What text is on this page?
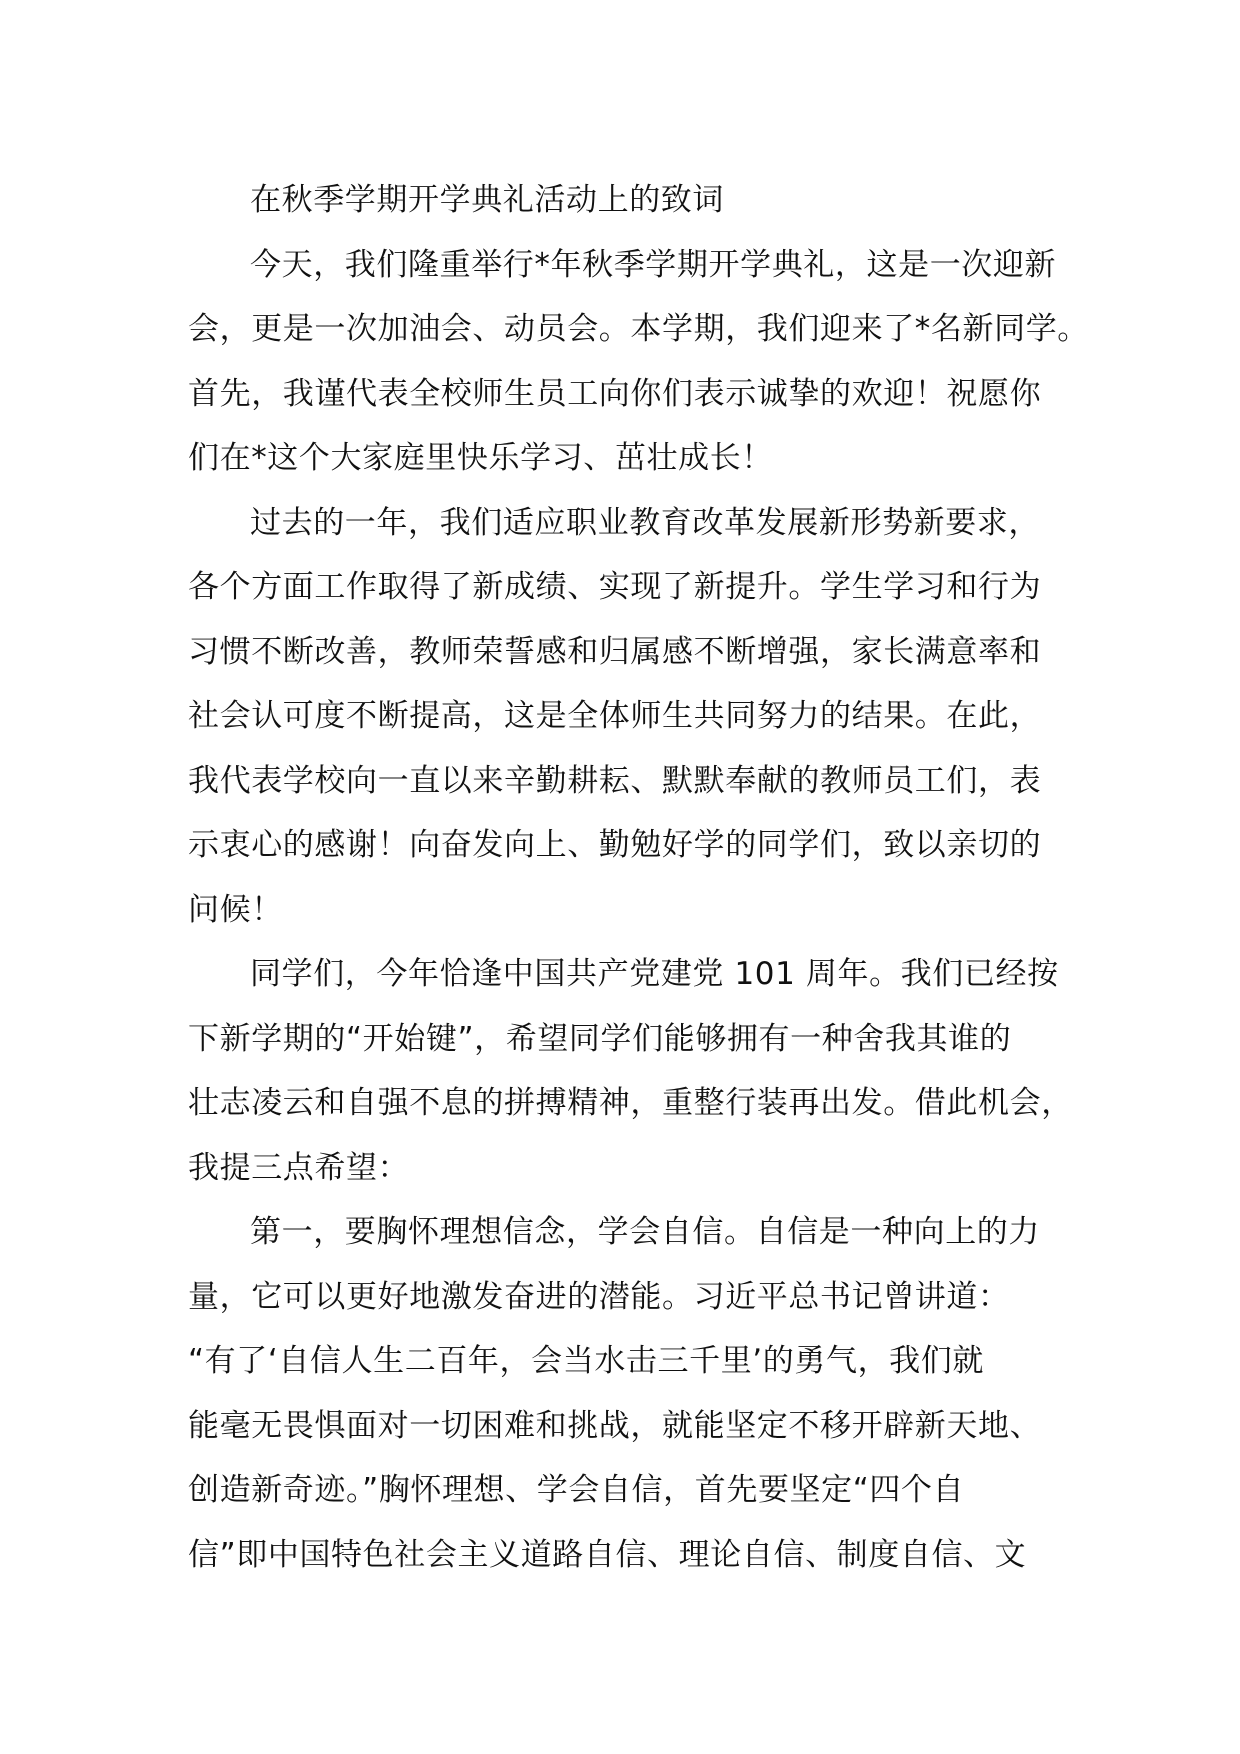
在秋季学期开学典礼活动上的致词
今天，我们隆重举行*年秋季学期开学典礼，这是一次迎新
会，更是一次加油会、动员会。本学期，我们迎来了*名新同学。
首先，我谨代表全校师生员工向你们表示诚挚的欢迎！祝愿你
们在*这个大家庭里快乐学习、茁壮成长！
过去的一年，我们适应职业教育改革发展新形势新要求，
各个方面工作取得了新成绩、实现了新提升。学生学习和行为
习惯不断改善，教师荣誓感和归属感不断增强，家长满意率和
社会认可度不断提高，这是全体师生共同努力的结果。在此，
我代表学校向一直以来辛勤耕耘、默默奉献的教师员工们，表
示衷心的感谢！向奋发向上、勤勉好学的同学们，致以亲切的
问候！
同学们，今年恰逢中国共产党建党 101 周年。我们已经按
下新学期的“开始键”，希望同学们能够拥有一种舍我其谁的
壮志凌云和自强不息的拼搏精神，重整行装再出发。借此机会，
我提三点希望：
第一，要胸怀理想信念，学会自信。自信是一种向上的力
量，它可以更好地激发奋进的潜能。习近平总书记曾讲道：
“有了‘自信人生二百年，会当水击三千里’的勇气，我们就
能毫无畏惧面对一切困难和挑战，就能坚定不移开辟新天地、
创造新奇迹。”胸怀理想、学会自信，首先要坚定“四个自
信”即中国特色社会主义道路自信、理论自信、制度自信、文
